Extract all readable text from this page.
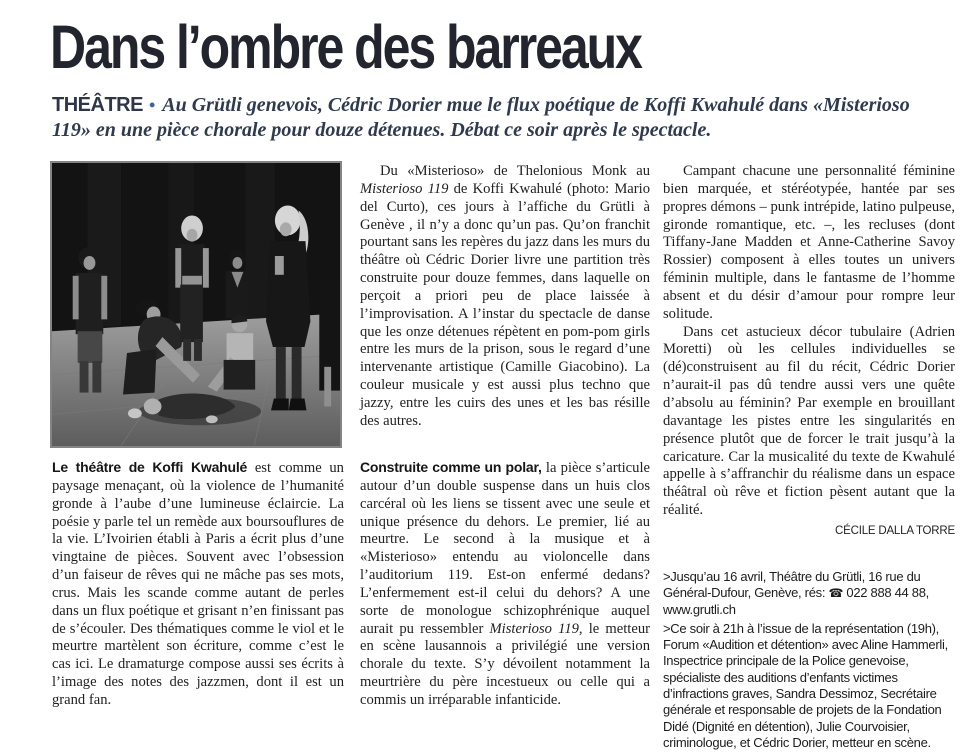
Dans l’ombre des barreaux

THÉÂTRE • Au Grütli genevois, Cédric Dorier mue le flux poétique de Koffi Kwahulé dans «Misterioso 119» en une pièce chorale pour douze détenues. Débat ce soir après le spectacle.

Le théâtre de Koffi Kwahulé est comme un paysage menaçant, où la violence de l’humanité gronde à l’aube d’une lumineuse éclaircie. La poésie y parle tel un remède aux boursouflures de la vie. L’Ivoirien établi à Paris a écrit plus d’une vingtaine de pièces. Souvent avec l’obsession d’un faiseur de rêves qui ne mâche pas ses mots, crus. Mais les scande comme autant de perles dans un flux poétique et grisant n’en finissant pas de s’écouler. Des thématiques comme le viol et le meurtre martèlent son écriture, comme c’est le cas ici. Le dramaturge compose aussi ses écrits à l’image des notes des jazzmen, dont il est un grand fan.

Du «Misterioso» de Thelonious Monk au Misterioso 119 de Koffi Kwahulé (photo: Mario del Curto), ces jours à l’affiche du Grütli à Genève , il n’y a donc qu’un pas. Qu’on franchit pourtant sans les repères du jazz dans les murs du théâtre où Cédric Dorier livre une partition très construite pour douze femmes, dans laquelle on perçoit a priori peu de place laissée à l’improvisation. A l’instar du spectacle de danse que les onze détenues répètent en pom-pom girls entre les murs de la prison, sous le regard d’une intervenante artistique (Camille Giacobino). La couleur musicale y est aussi plus techno que jazzy, entre les cuirs des unes et les bas résille des autres.

Construite comme un polar, la pièce s’articule autour d’un double suspense dans un huis clos carcéral où les liens se tissent avec une seule et unique présence du dehors. Le premier, lié au meurtre. Le second à la musique et à «Misterioso» entendu au violoncelle dans l’auditorium 119. Est-on enfermé dedans? L’enfermement est-il celui du dehors? A une sorte de monologue schizophrénique auquel aurait pu ressembler Misterioso 119, le metteur en scène lausannois a privilégié une version chorale du texte. S’y dévoilent notamment la meurtrière du père incestueux ou celle qui a commis un irréparable infanticide.

Campant chacune une personnalité féminine bien marquée, et stéréotypée, hantée par ses propres démons – punk intrépide, latino pulpeuse, gironde romantique, etc. –, les recluses (dont Tiffany-Jane Madden et Anne-Catherine Savoy Rossier) composent à elles toutes un univers féminin multiple, dans le fantasme de l’homme absent et du désir d’amour pour rompre leur solitude.

Dans cet astucieux décor tubulaire (Adrien Moretti) où les cellules individuelles se (dé)construisent au fil du récit, Cédric Dorier n’aurait-il pas dû tendre aussi vers une quête d’absolu au féminin? Par exemple en brouillant davantage les pistes entre les singularités en présence plutôt que de forcer le trait jusqu’à la caricature. Car la musicalité du texte de Kwahulé appelle à s’affranchir du réalisme dans un espace théâtral où rêve et fiction pèsent autant que la réalité.

CÉCILE DALLA TORRE

>Jusqu’au 16 avril, Théâtre du Grütli, 16 rue du Général-Dufour, Genève, rés: ☎ 022 888 44 88, www.grutli.ch

>Ce soir à 21h à l’issue de la représentation (19h), Forum «Audition et détention» avec Aline Hammerli, Inspectrice principale de la Police genevoise, spécialiste des auditions d’enfants victimes d’infractions graves, Sandra Dessimoz, Secrétaire générale et responsable de projets de la Fondation Didé (Dignité en détention), Julie Courvoisier, criminologue, et Cédric Dorier, metteur en scène.
